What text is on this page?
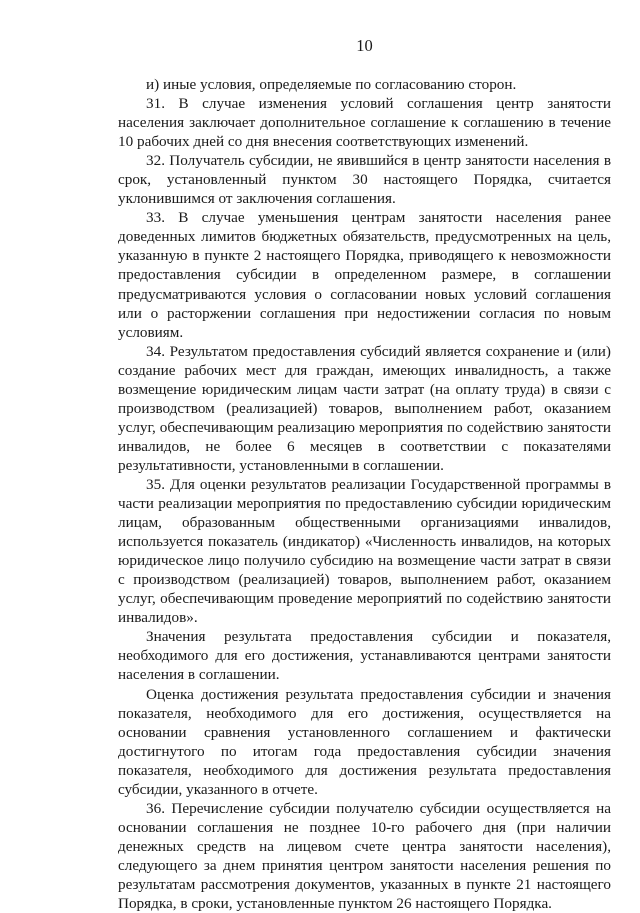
10

и) иные условия, определяемые по согласованию сторон.

31. В случае изменения условий соглашения центр занятости населения заключает дополнительное соглашение к соглашению в течение 10 рабочих дней со дня внесения соответствующих изменений.

32. Получатель субсидии, не явившийся в центр занятости населения в срок, установленный пунктом 30 настоящего Порядка, считается уклонившимся от заключения соглашения.

33. В случае уменьшения центрам занятости населения ранее доведенных лимитов бюджетных обязательств, предусмотренных на цель, указанную в пункте 2 настоящего Порядка, приводящего к невозможности предоставления субсидии в определенном размере, в соглашении предусматриваются условия о согласовании новых условий соглашения или о расторжении соглашения при недостижении согласия по новым условиям.

34. Результатом предоставления субсидий является сохранение и (или) создание рабочих мест для граждан, имеющих инвалидность, а также возмещение юридическим лицам части затрат (на оплату труда) в связи с производством (реализацией) товаров, выполнением работ, оказанием услуг, обеспечивающим реализацию мероприятия по содействию занятости инвалидов, не более 6 месяцев в соответствии с показателями результативности, установленными в соглашении.

35. Для оценки результатов реализации Государственной программы в части реализации мероприятия по предоставлению субсидии юридическим лицам, образованным общественными организациями инвалидов, используется показатель (индикатор) «Численность инвалидов, на которых юридическое лицо получило субсидию на возмещение части затрат в связи с производством (реализацией) товаров, выполнением работ, оказанием услуг, обеспечивающим проведение мероприятий по содействию занятости инвалидов».

Значения результата предоставления субсидии и показателя, необходимого для его достижения, устанавливаются центрами занятости населения в соглашении.

Оценка достижения результата предоставления субсидии и значения показателя, необходимого для его достижения, осуществляется на основании сравнения установленного соглашением и фактически достигнутого по итогам года предоставления субсидии значения показателя, необходимого для достижения результата предоставления субсидии, указанного в отчете.

36. Перечисление субсидии получателю субсидии осуществляется на основании соглашения не позднее 10-го рабочего дня (при наличии денежных средств на лицевом счете центра занятости населения), следующего за днем принятия центром занятости населения решения по результатам рассмотрения документов, указанных в пункте 21 настоящего Порядка, в сроки, установленные пунктом 26 настоящего Порядка.
